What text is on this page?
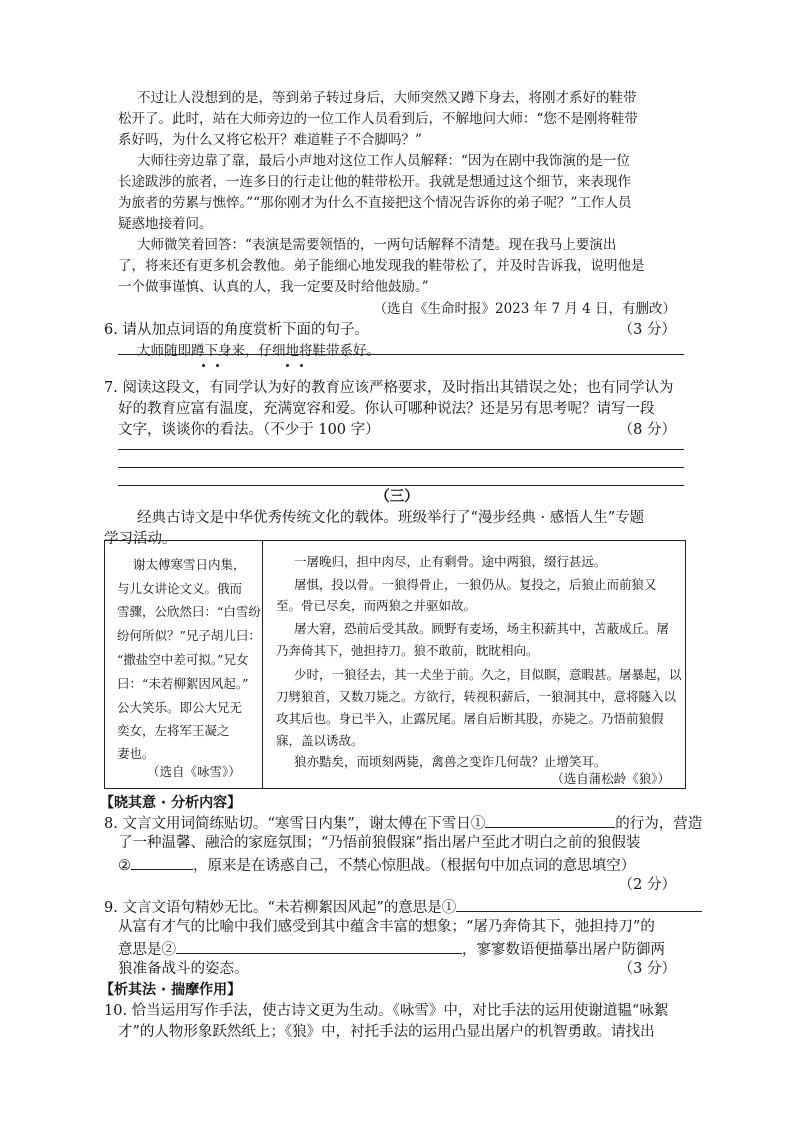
不过让人没想到的是，等到弟子转过身后，大师突然又蹲下身去，将刚才系好的鞋带
松开了。此时，站在大师旁边的一位工作人员看到后，不解地问大师：“您不是刚将鞋带
系好吗，为什么又将它松开？难道鞋子不合脚吗？”
大师往旁边靠了靠，最后小声地对这位工作人员解释：“因为在剧中我饰演的是一位
长途跋涉的旅者，一连多日的行走让他的鞋带松开。我就是想通过这个细节，来表现作
为旅者的劳累与憔悴。”“那你刚才为什么不直接把这个情况告诉你的弟子呢？”工作人员
疑惑地接着问。
大师微笑着回答：“表演是需要领悟的，一两句话解释不清楚。现在我马上要演出
了，将来还有更多机会教他。弟子能细心地发现我的鞋带松了，并及时告诉我，说明他是
一个做事谨慎、认真的人，我一定要及时给他鼓励。”
（选自《生命时报》2023 年 7 月 4 日，有删改）
6. 请从加点词语的角度赏析下面的句子。	（3 分）
大师随即蹲下身来，仔细地将鞋带系好。
7. 阅读这段文，有同学认为好的教育应该严格要求，及时指出其错误之处；也有同学认为
好的教育应富有温度，充满宽容和爱。你认可哪种说法？还是另有思考呢？请写一段
文字，谈谈你的看法。（不少于 100 字）	（8 分）
（三）
经典古诗文是中华优秀传统文化的载体。班级举行了“漫步经典 · 感悟人生”专题
学习活动。
谢太傅寒雪日内集，
与儿女讲论文义。俄而
雪骤，公欣然曰：“白雪纷
纷何所似？”兄子胡儿曰：
“撒盐空中差可拟。”兄女
曰：“未若柳絮因风起。”
公大笑乐。即公大兄无
奕女，左将军王凝之
妻也。
（选自《咏雪》）
一屠晚归，担中肉尽，止有剩骨。途中两狼，缀行甚远。
屠惧，投以骨。一狼得骨止，一狼仍从。复投之，后狼止而前狼又
至。骨已尽矣，而两狼之并驱如故。
屠大窘，恐前后受其敌。顾野有麦场，场主积薪其中，苫蔽成丘。屠
乃奔倚其下，弛担持刀。狼不敢前，眈眈相向。
少时，一狼径去，其一犬坐于前。久之，目似瞑，意暇甚。屠暴起，以
刀劈狼首，又数刀毙之。方欲行，转视积薪后，一狼洞其中，意将隧入以
攻其后也。身已半入，止露尻尾。屠自后断其股，亦毙之。乃悟前狼假
寐，盖以诱敌。
狼亦黠矣，而顷刻两毙，禽兽之变诈几何哉？止增笑耳。
（选自蒲松龄《狼》）
【晓其意 · 分析内容】
8. 文言文用词简练贴切。“寒雪日内集”，谢太傅在下雪日①	的行为，营造
了一种温馨、融洽的家庭氛围；“乃悟前狼假寐”指出屠户至此才明白之前的狼假装
②	，原来是在诱惑自己，不禁心惊胆战。（根据句中加点词的意思填空）
（2 分）
9. 文言文语句精妙无比。“未若柳絮因风起”的意思是①
从富有才气的比喻中我们感受到其中蕴含丰富的想象；“屠乃奔倚其下，弛担持刀”的
意思是②	，寥寥数语便描摹出屠户防御两
狼准备战斗的姿态。	（3 分）
【析其法 · 揣摩作用】
10. 恰当运用写作手法，使古诗文更为生动。《咏雪》中，对比手法的运用使谢道韫“咏絮
才”的人物形象跃然纸上；《狼》中，衬托手法的运用凸显出屠户的机智勇敢。请找出
